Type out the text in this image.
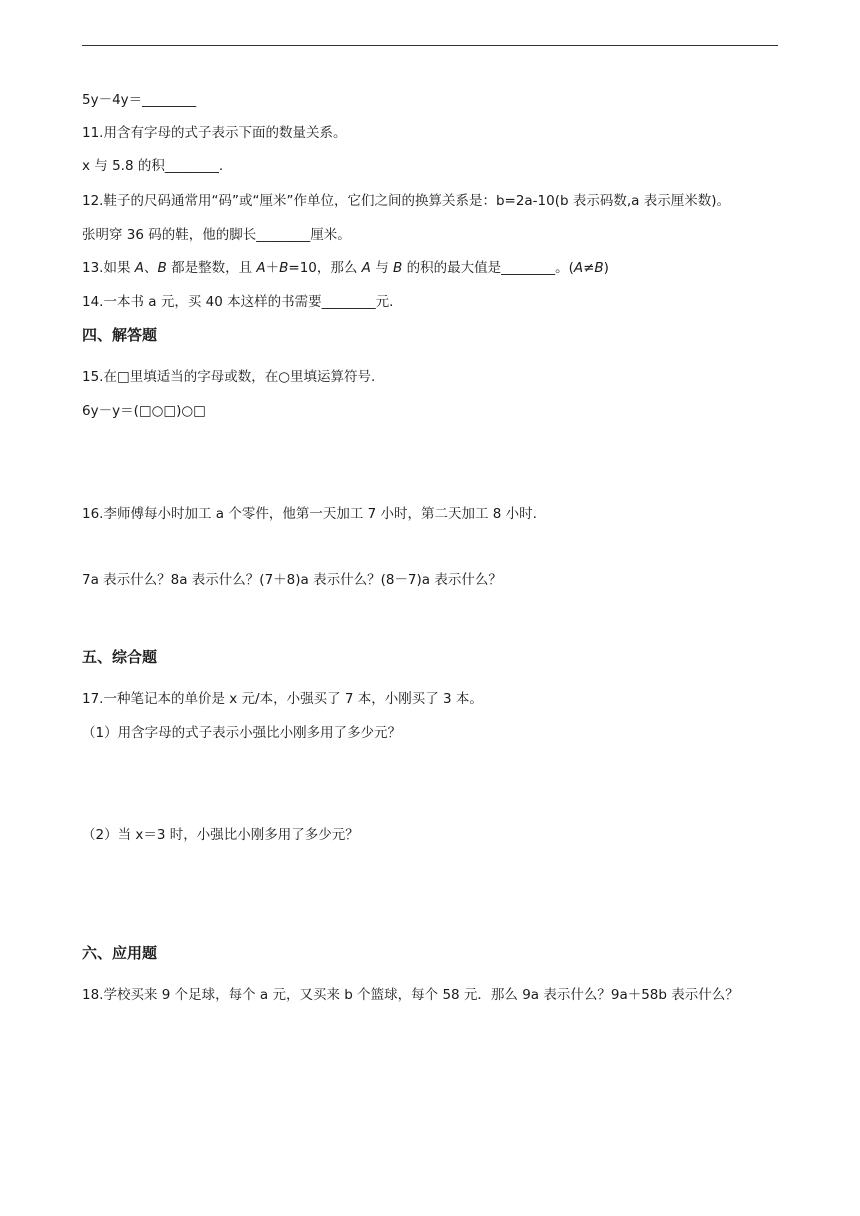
5y－4y＝________
11.用含有字母的式子表示下面的数量关系。
x 与 5.8 的积________.
12.鞋子的尺码通常用“码”或“厘米”作单位，它们之间的换算关系是：b=2a-10(b 表示码数,a 表示厘米数)。
张明穿 36 码的鞋，他的脚长________厘米。
13.如果 A、B 都是整数，且 A＋B=10，那么 A 与 B 的积的最大值是________。(A≠B)
14.一本书 a 元，买 40 本这样的书需要________元.
四、解答题
15.在□里填适当的字母或数，在○里填运算符号.
6y－y＝(□○□)○□
16.李师傅每小时加工 a 个零件，他第一天加工 7 小时，第二天加工 8 小时.
7a 表示什么？8a 表示什么？(7＋8)a 表示什么？(8－7)a 表示什么？
五、综合题
17.一种笔记本的单价是 x 元/本，小强买了 7 本，小刚买了 3 本。
（1）用含字母的式子表示小强比小刚多用了多少元？
（2）当 x＝3 时，小强比小刚多用了多少元？
六、应用题
18.学校买来 9 个足球，每个 a 元，又买来 b 个篮球，每个 58 元．那么 9a 表示什么？9a＋58b 表示什么？
